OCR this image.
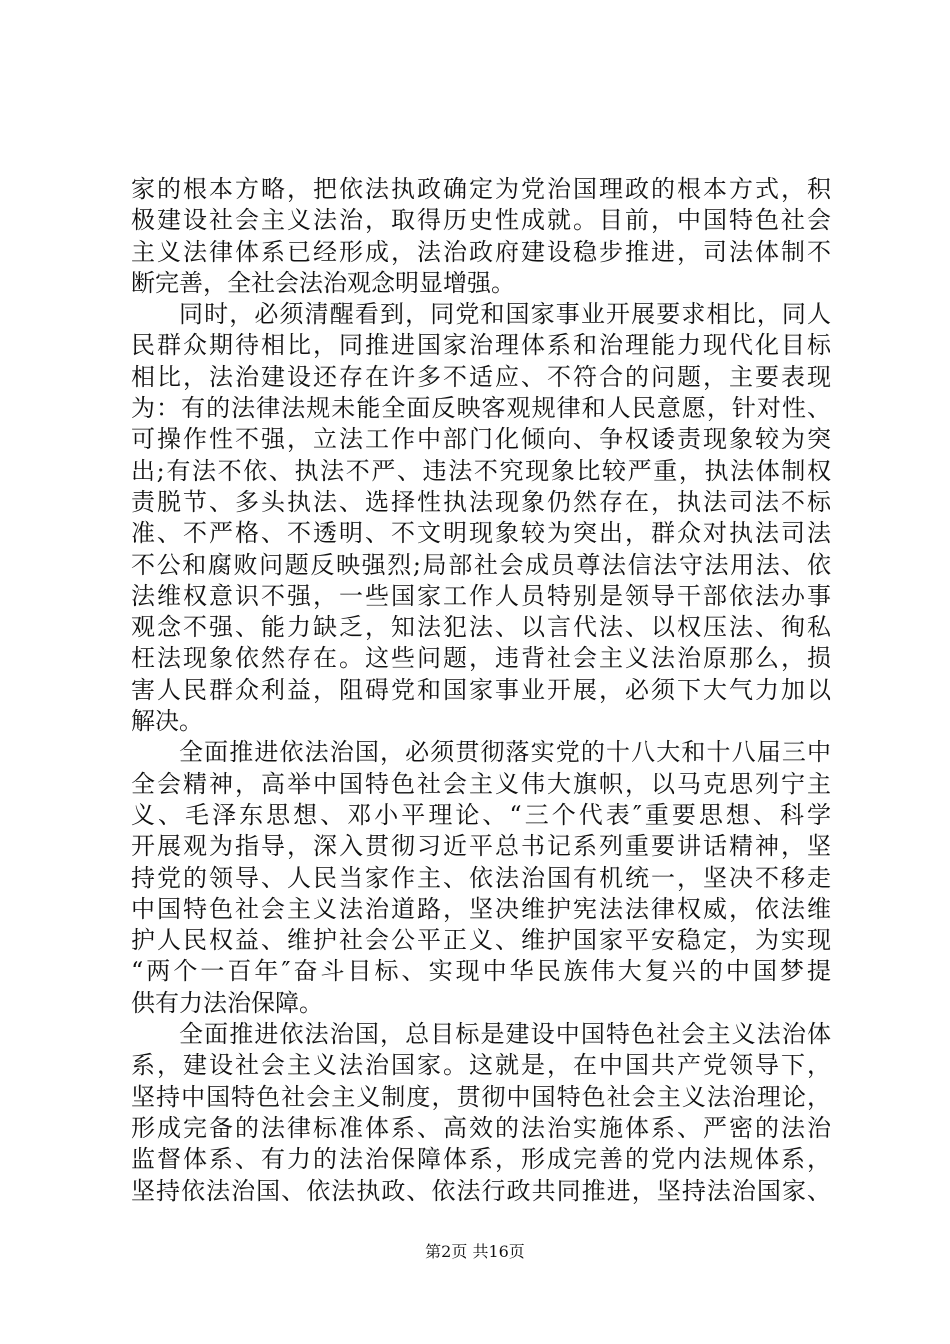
家的根本方略，把依法执政确定为党治国理政的根本方式，积
极建设社会主义法治，取得历史性成就。目前，中国特色社会
主义法律体系已经形成，法治政府建设稳步推进，司法体制不
断完善，全社会法治观念明显增强。
同时，必须清醒看到，同党和国家事业开展要求相比，同人
民群众期待相比，同推进国家治理体系和治理能力现代化目标
相比，法治建设还存在许多不适应、不符合的问题，主要表现
为：有的法律法规未能全面反映客观规律和人民意愿，针对性、
可操作性不强，立法工作中部门化倾向、争权诿责现象较为突
出;有法不依、执法不严、违法不究现象比较严重，执法体制权
责脱节、多头执法、选择性执法现象仍然存在，执法司法不标
准、不严格、不透明、不文明现象较为突出，群众对执法司法
不公和腐败问题反映强烈;局部社会成员尊法信法守法用法、依
法维权意识不强，一些国家工作人员特别是领导干部依法办事
观念不强、能力缺乏，知法犯法、以言代法、以权压法、徇私
枉法现象依然存在。这些问题，违背社会主义法治原那么，损
害人民群众利益，阻碍党和国家事业开展，必须下大气力加以
解决。
全面推进依法治国，必须贯彻落实党的十八大和十八届三中
全会精神，高举中国特色社会主义伟大旗帜，以马克思列宁主
义、毛泽东思想、邓小平理论、“三个代表″重要思想、科学
开展观为指导，深入贯彻习近平总书记系列重要讲话精神，坚
持党的领导、人民当家作主、依法治国有机统一，坚决不移走
中国特色社会主义法治道路，坚决维护宪法法律权威，依法维
护人民权益、维护社会公平正义、维护国家平安稳定，为实现
“两个一百年″奋斗目标、实现中华民族伟大复兴的中国梦提
供有力法治保障。
全面推进依法治国，总目标是建设中国特色社会主义法治体
系，建设社会主义法治国家。这就是，在中国共产党领导下，
坚持中国特色社会主义制度，贯彻中国特色社会主义法治理论，
形成完备的法律标准体系、高效的法治实施体系、严密的法治
监督体系、有力的法治保障体系，形成完善的党内法规体系，
坚持依法治国、依法执政、依法行政共同推进，坚持法治国家、
第2页 共16页
